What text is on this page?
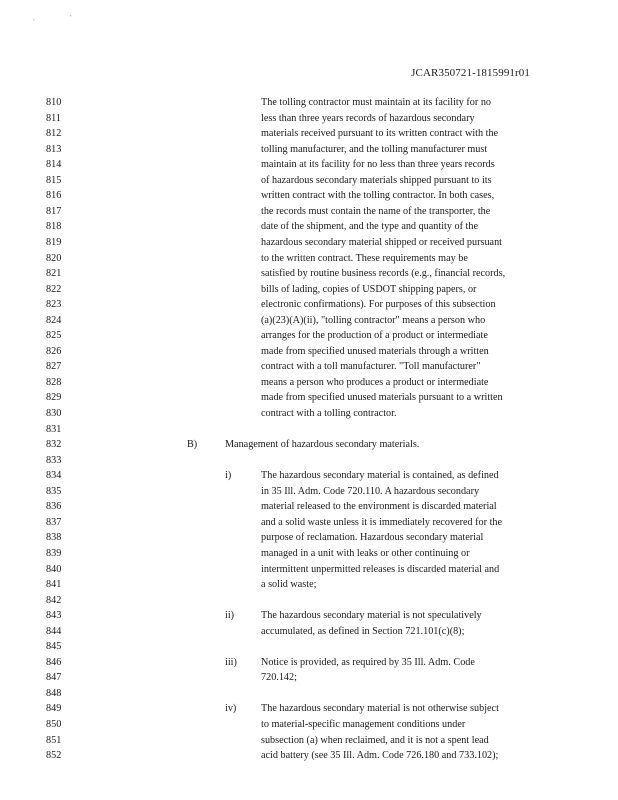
,	'
JCAR350721-1815991r01
810	The tolling contractor must maintain at its facility for no
811	less than three years records of hazardous secondary
812	materials received pursuant to its written contract with the
813	tolling manufacturer, and the tolling manufacturer must
814	maintain at its facility for no less than three years records
815	of hazardous secondary materials shipped pursuant to its
816	written contract with the tolling contractor. In both cases,
817	the records must contain the name of the transporter, the
818	date of the shipment, and the type and quantity of the
819	hazardous secondary material shipped or received pursuant
820	to the written contract. These requirements may be
821	satisfied by routine business records (e.g., financial records,
822	bills of lading, copies of USDOT shipping papers, or
823	electronic confirmations). For purposes of this subsection
824	(a)(23)(A)(ii), "tolling contractor" means a person who
825	arranges for the production of a product or intermediate
826	made from specified unused materials through a written
827	contract with a toll manufacturer. "Toll manufacturer"
828	means a person who produces a product or intermediate
829	made from specified unused materials pursuant to a written
830	contract with a tolling contractor.
831
832	B)	Management of hazardous secondary materials.
833
834	i)	The hazardous secondary material is contained, as defined
835	in 35 Ill. Adm. Code 720.110. A hazardous secondary
836	material released to the environment is discarded material
837	and a solid waste unless it is immediately recovered for the
838	purpose of reclamation. Hazardous secondary material
839	managed in a unit with leaks or other continuing or
840	intermittent unpermitted releases is discarded material and
841	a solid waste;
842
843	ii)	The hazardous secondary material is not speculatively
844	accumulated, as defined in Section 721.101(c)(8);
845
846	iii) Notice is provided, as required by 35 Ill. Adm. Code
847	720.142;
848
849	iv) The hazardous secondary material is not otherwise subject
850	to material-specific management conditions under
851	subsection (a) when reclaimed, and it is not a spent lead
852	acid battery (see 35 Ill. Adm. Code 726.180 and 733.102);
